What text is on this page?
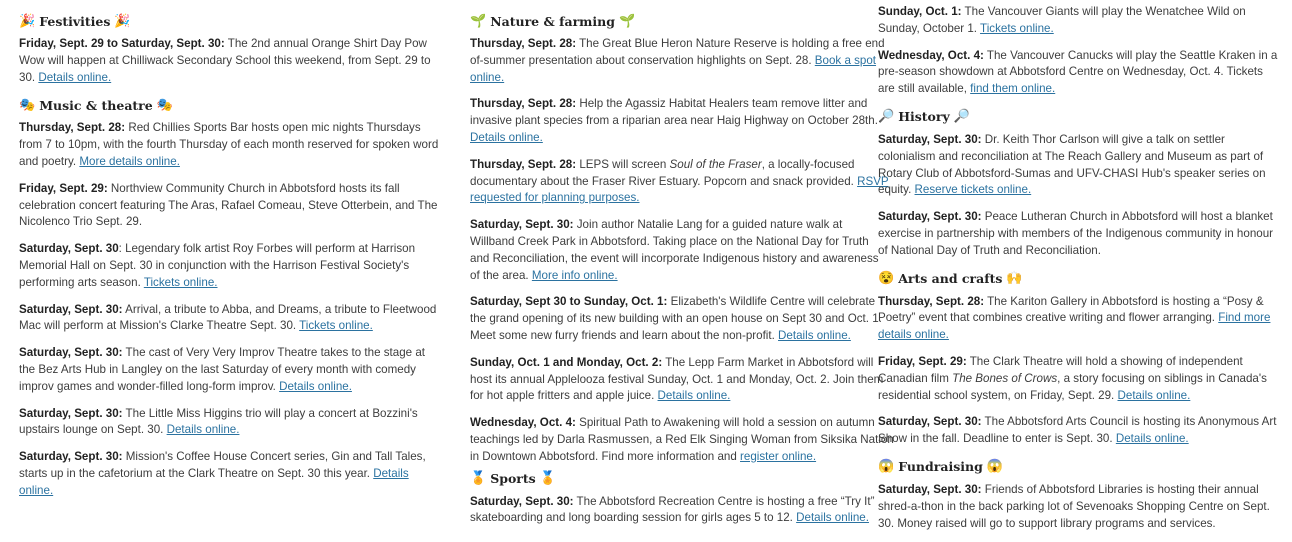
🎉 Festivities 🎉

Friday, Sept. 29 to Saturday, Sept. 30: The 2nd annual Orange Shirt Day Pow Wow will happen at Chilliwack Secondary School this weekend, from Sept. 29 to 30. Details online.

🎭 Music & theatre 🎭

Thursday, Sept. 28: Red Chillies Sports Bar hosts open mic nights Thursdays from 7 to 10pm, with the fourth Thursday of each month reserved for spoken word and poetry. More details online.

Friday, Sept. 29: Northview Community Church in Abbotsford hosts its fall celebration concert featuring The Aras, Rafael Comeau, Steve Otterbein, and The Nicolenco Trio Sept. 29.

Saturday, Sept. 30: Legendary folk artist Roy Forbes will perform at Harrison Memorial Hall on Sept. 30 in conjunction with the Harrison Festival Society's performing arts season. Tickets online.

Saturday, Sept. 30: Arrival, a tribute to Abba, and Dreams, a tribute to Fleetwood Mac will perform at Mission's Clarke Theatre Sept. 30. Tickets online.

Saturday, Sept. 30: The cast of Very Very Improv Theatre takes to the stage at the Bez Arts Hub in Langley on the last Saturday of every month with comedy improv games and wonder-filled long-form improv. Details online.

Saturday, Sept. 30: The Little Miss Higgins trio will play a concert at Bozzini's upstairs lounge on Sept. 30. Details online.

Saturday, Sept. 30: Mission's Coffee House Concert series, Gin and Tall Tales, starts up in the cafetorium at the Clark Theatre on Sept. 30 this year. Details online.

🌱 Nature & farming 🌱
Thursday, Sept. 28: The Great Blue Heron Nature Reserve is holding a free end
of-summer presentation about conservation highlights on Sept. 28. Book a spot
online.
Thursday, Sept. 28: Help the Agassiz Habitat Healers team remove litter and
invasive plant species from a riparian area near Haig Highway on October 28th.
Details online.
Thursday, Sept. 28: LEPS will screen Soul of the Fraser, a locally-focused
documentary about the Fraser River Estuary. Popcorn and snack provided. RSVP
requested for planning purposes.
Saturday, Sept. 30: Join author Natalie Lang for a guided nature walk at
Willband Creek Park in Abbotsford. Taking place on the National Day for Truth
and Reconciliation, the event will incorporate Indigenous history and awareness
of the area. More info online.
Saturday, Sept 30 to Sunday, Oct. 1: Elizabeth's Wildlife Centre will celebrate
the grand opening of its new building with an open house on Sept 30 and Oct. 1.
Meet some new furry friends and learn about the non-profit. Details online.
Sunday, Oct. 1 and Monday, Oct. 2: The Lepp Farm Market in Abbotsford will
host its annual Applelooza festival Sunday, Oct. 1 and Monday, Oct. 2. Join them
for hot apple fritters and apple juice. Details online.
Wednesday, Oct. 4: Spiritual Path to Awakening will hold a session on autumn
teachings led by Darla Rasmussen, a Red Elk Singing Woman from Siksika Nation
in Downtown Abbotsford. Find more information and register online.
🏅 Sports 🏅
Saturday, Sept. 30: The Abbotsford Recreation Centre is hosting a free “Try It”
skateboarding and long boarding session for girls ages 5 to 12. Details online.

Sunday, Oct. 1: The Vancouver Giants will play the Wenatchee Wild on Sunday, October 1. Tickets online.

Wednesday, Oct. 4: The Vancouver Canucks will play the Seattle Kraken in a pre-season showdown at Abbotsford Centre on Wednesday, Oct. 4. Tickets are still available, find them online.

🔎 History 🔎

Saturday, Sept. 30: Dr. Keith Thor Carlson will give a talk on settler colonialism and reconciliation at The Reach Gallery and Museum as part of Rotary Club of Abbotsford-Sumas and UFV-CHASI Hub's speaker series on equity. Reserve tickets online.

Saturday, Sept. 30: Peace Lutheran Church in Abbotsford will host a blanket exercise in partnership with members of the Indigenous community in honour of National Day of Truth and Reconciliation.

😵 Arts and crafts 🙌

Thursday, Sept. 28: The Kariton Gallery in Abbotsford is hosting a “Posy & Poetry” event that combines creative writing and flower arranging. Find more details online.

Friday, Sept. 29: The Clark Theatre will hold a showing of independent Canadian film The Bones of Crows, a story focusing on siblings in Canada's residential school system, on Friday, Sept. 29. Details online.

Saturday, Sept. 30: The Abbotsford Arts Council is hosting its Anonymous Art Show in the fall. Deadline to enter is Sept. 30. Details online.

😱 Fundraising 😱

Saturday, Sept. 30: Friends of Abbotsford Libraries is hosting their annual shred-a-thon in the back parking lot of Sevenoaks Shopping Centre on Sept. 30. Money raised will go to support library programs and services.
